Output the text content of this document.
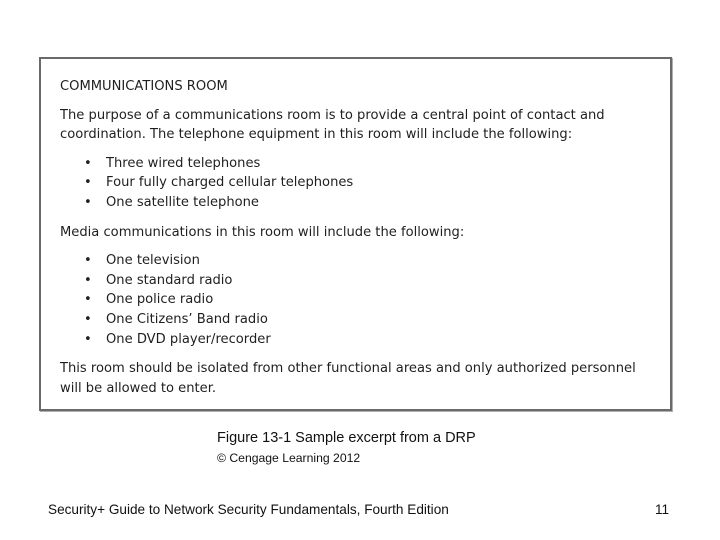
COMMUNICATIONS ROOM

The purpose of a communications room is to provide a central point of contact and coordination. The telephone equipment in this room will include the following:

• Three wired telephones
• Four fully charged cellular telephones
• One satellite telephone

Media communications in this room will include the following:

• One television
• One standard radio
• One police radio
• One Citizens’ Band radio
• One DVD player/recorder

This room should be isolated from other functional areas and only authorized personnel will be allowed to enter.

Figure 13-1 Sample excerpt from a DRP
© Cengage Learning 2012
Security+ Guide to Network Security Fundamentals, Fourth Edition	11
